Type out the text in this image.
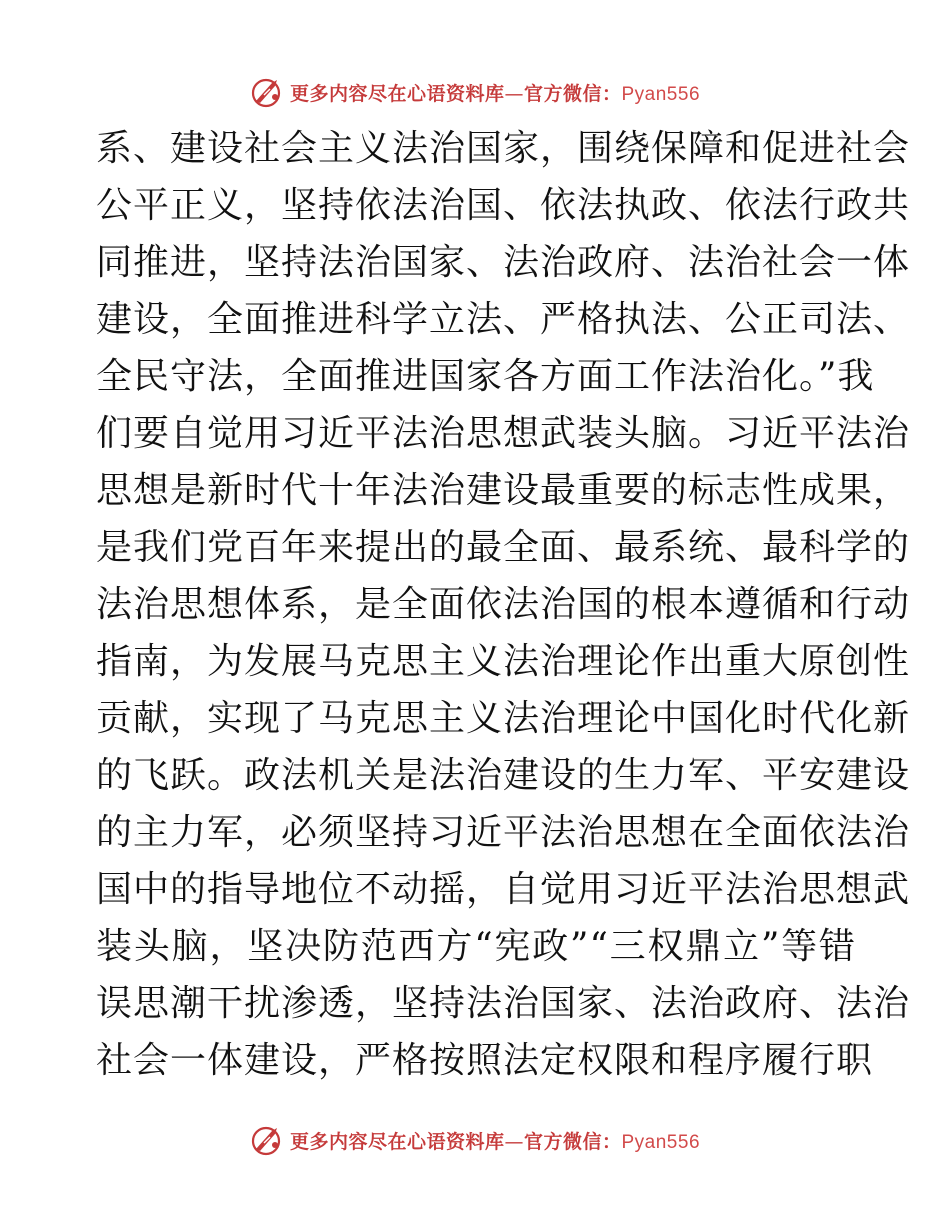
更多内容尽在心语资料库—官方微信：Pyan556
系、建设社会主义法治国家，围绕保障和促进社会
公平正义，坚持依法治国、依法执政、依法行政共
同推进，坚持法治国家、法治政府、法治社会一体
建设，全面推进科学立法、严格执法、公正司法、
全民守法，全面推进国家各方面工作法治化。”我
们要自觉用习近平法治思想武装头脑。习近平法治
思想是新时代十年法治建设最重要的标志性成果，
是我们党百年来提出的最全面、最系统、最科学的
法治思想体系，是全面依法治国的根本遵循和行动
指南，为发展马克思主义法治理论作出重大原创性
贡献，实现了马克思主义法治理论中国化时代化新
的飞跃。政法机关是法治建设的生力军、平安建设
的主力军，必须坚持习近平法治思想在全面依法治
国中的指导地位不动摇，自觉用习近平法治思想武
装头脑，坚决防范西方“宪政”“三权鼎立”等错
误思潮干扰渗透，坚持法治国家、法治政府、法治
社会一体建设，严格按照法定权限和程序履行职
更多内容尽在心语资料库—官方微信：Pyan556
